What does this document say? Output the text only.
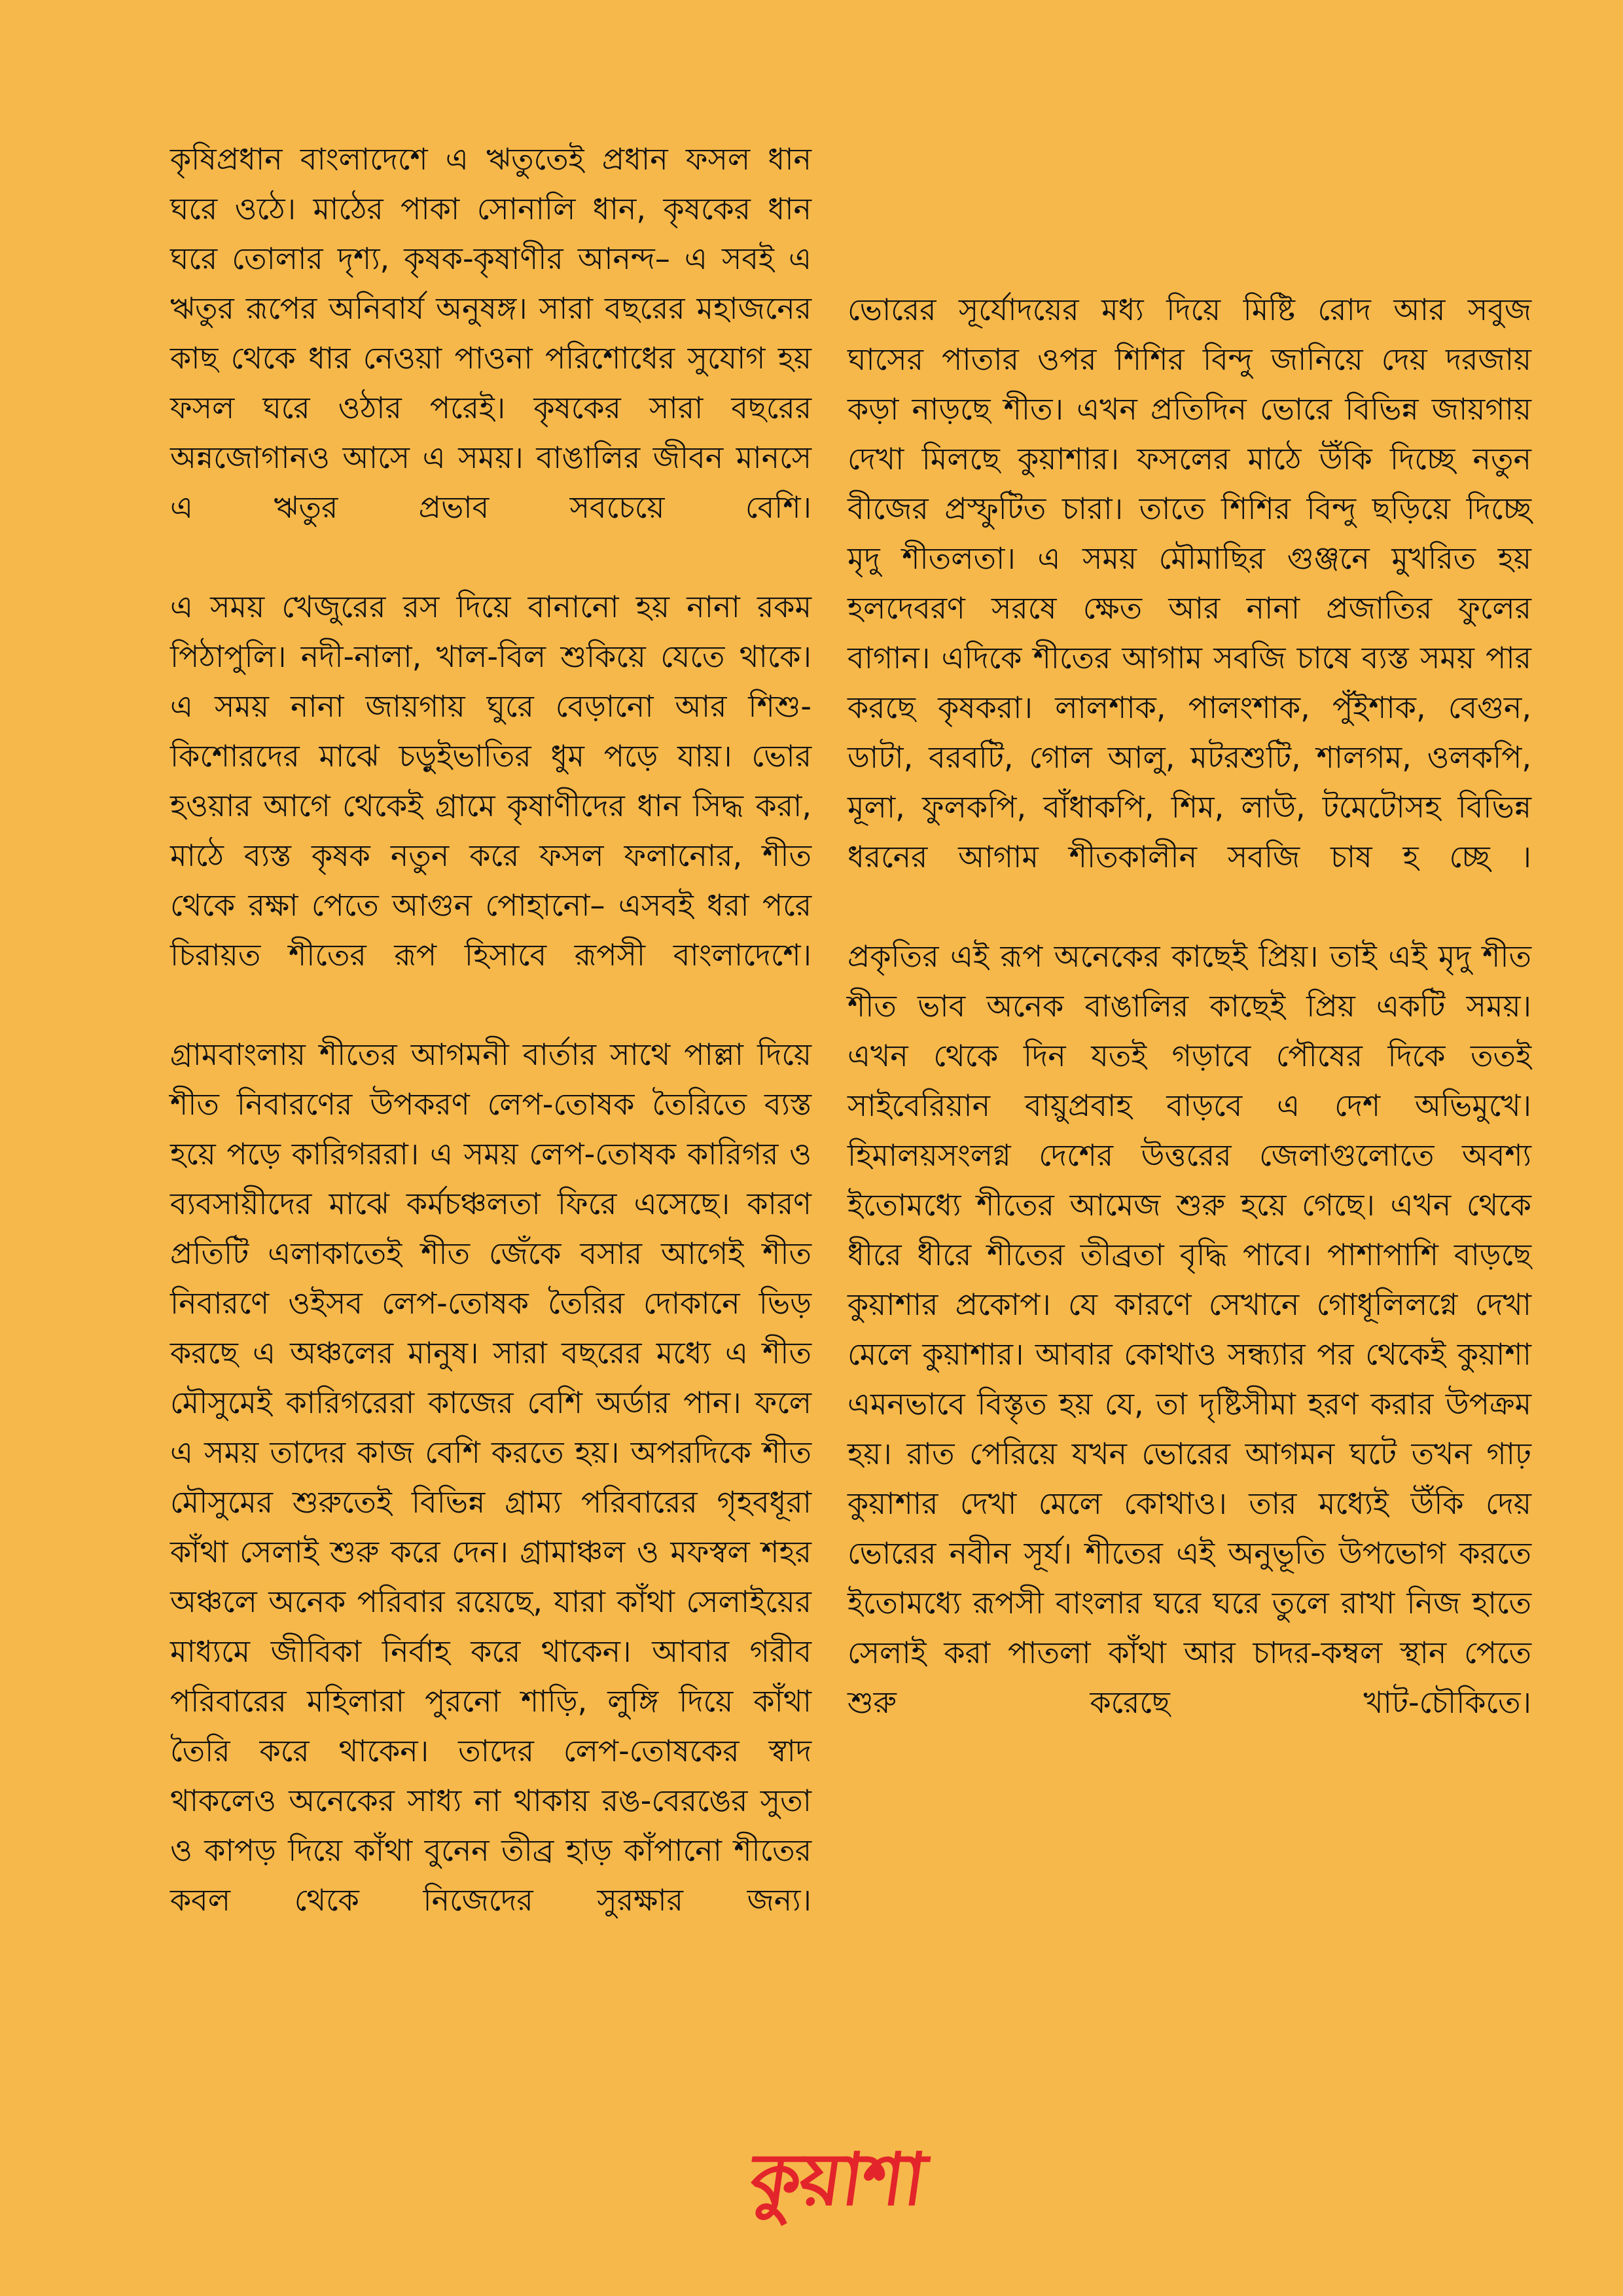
কৃষিপ্রধান বাংলাদেশে এ ঋতুতেই প্রধান ফসল ধান ঘরে ওঠে। মাঠের পাকা সোনালি ধান, কৃষকের ধান ঘরে তোলার দৃশ্য, কৃষক-কৃষাণীর আনন্দ– এ সবই এ ঋতুর রূপের অনিবার্য অনুষঙ্গ। সারা বছরের মহাজনের কাছ থেকে ধার নেওয়া পাওনা পরিশোধের সুযোগ হয় ফসল ঘরে ওঠার পরেই। কৃষকের সারা বছরের অন্নজোগানও আসে এ সময়। বাঙালির জীবন মানসে এ ঋতুর প্রভাব সবচেয়ে বেশি।

এ সময় খেজুরের রস দিয়ে বানানো হয় নানা রকম পিঠাপুলি। নদী-নালা, খাল-বিল শুকিয়ে যেতে থাকে। এ সময় নানা জায়গায় ঘুরে বেড়ানো আর শিশু-কিশোরদের মাঝে চড়ুইভাতির ধুম পড়ে যায়। ভোর হওয়ার আগে থেকেই গ্রামে কৃষাণীদের ধান সিদ্ধ করা, মাঠে ব্যস্ত কৃষক নতুন করে ফসল ফলানোর, শীত থেকে রক্ষা পেতে আগুন পোহানো– এসবই ধরা পরে চিরায়ত শীতের রূপ হিসাবে রূপসী বাংলাদেশে।

গ্রামবাংলায় শীতের আগমনী বার্তার সাথে পাল্লা দিয়ে শীত নিবারণের উপকরণ লেপ-তোষক তৈরিতে ব্যস্ত হয়ে পড়ে কারিগররা। এ সময় লেপ-তোষক কারিগর ও ব্যবসায়ীদের মাঝে কর্মচঞ্চলতা ফিরে এসেছে। কারণ প্রতিটি এলাকাতেই শীত জেঁকে বসার আগেই শীত নিবারণে ওইসব লেপ-তোষক তৈরির দোকানে ভিড় করছে এ অঞ্চলের মানুষ। সারা বছরের মধ্যে এ শীত মৌসুমেই কারিগরেরা কাজের বেশি অর্ডার পান। ফলে এ সময় তাদের কাজ বেশি করতে হয়। অপরদিকে শীত মৌসুমের শুরুতেই বিভিন্ন গ্রাম্য পরিবারের গৃহবধূরা কাঁথা সেলাই শুরু করে দেন। গ্রামাঞ্চল ও মফস্বল শহর অঞ্চলে অনেক পরিবার রয়েছে, যারা কাঁথা সেলাইয়ের মাধ্যমে জীবিকা নির্বাহ করে থাকেন। আবার গরীব পরিবারের মহিলারা পুরনো শাড়ি, লুঙ্গি দিয়ে কাঁথা তৈরি করে থাকেন। তাদের লেপ-তোষকের স্বাদ থাকলেও অনেকের সাধ্য না থাকায় রঙ-বেরঙের সুতা ও কাপড় দিয়ে কাঁথা বুনেন তীব্র হাড় কাঁপানো শীতের কবল থেকে নিজেদের সুরক্ষার জন্য।

ভোরের সূর্যোদয়ের মধ্য দিয়ে মিষ্টি রোদ আর সবুজ ঘাসের পাতার ওপর শিশির বিন্দু জানিয়ে দেয় দরজায় কড়া নাড়ছে শীত। এখন প্রতিদিন ভোরে বিভিন্ন জায়গায় দেখা মিলছে কুয়াশার। ফসলের মাঠে উঁকি দিচ্ছে নতুন বীজের প্রস্ফুটিত চারা। তাতে শিশির বিন্দু ছড়িয়ে দিচ্ছে মৃদু শীতলতা। এ সময় মৌমাছির গুঞ্জনে মুখরিত হয় হলদেবরণ সরষে ক্ষেত আর নানা প্রজাতির ফুলের বাগান। এদিকে শীতের আগাম সবজি চাষে ব্যস্ত সময় পার করছে কৃষকরা। লালশাক, পালংশাক, পুঁইশাক, বেগুন, ডাটা, বরবটি, গোল আলু, মটরশুটি, শালগম, ওলকপি, মূলা, ফুলকপি, বাঁধাকপি, শিম, লাউ, টমেটোসহ বিভিন্ন ধরনের আগাম শীতকালীন সবজি চাষ হ চ্ছে ।

প্রকৃতির এই রূপ অনেকের কাছেই প্রিয়। তাই এই মৃদু শীত শীত ভাব অনেক বাঙালির কাছেই প্রিয় একটি সময়। এখন থেকে দিন যতই গড়াবে পৌষের দিকে ততই সাইবেরিয়ান বায়ুপ্রবাহ বাড়বে এ দেশ অভিমুখে। হিমালয়সংলগ্ন দেশের উত্তরের জেলাগুলোতে অবশ্য ইতোমধ্যে শীতের আমেজ শুরু হয়ে গেছে। এখন থেকে ধীরে ধীরে শীতের তীব্রতা বৃদ্ধি পাবে। পাশাপাশি বাড়ছে কুয়াশার প্রকোপ। যে কারণে সেখানে গোধূলিলগ্নে দেখা মেলে কুয়াশার। আবার কোথাও সন্ধ্যার পর থেকেই কুয়াশা এমনভাবে বিস্তৃত হয় যে, তা দৃষ্টিসীমা হরণ করার উপক্রম হয়। রাত পেরিয়ে যখন ভোরের আগমন ঘটে তখন গাঢ় কুয়াশার দেখা মেলে কোথাও। তার মধ্যেই উঁকি দেয় ভোরের নবীন সূর্য। শীতের এই অনুভূতি উপভোগ করতে ইতোমধ্যে রূপসী বাংলার ঘরে ঘরে তুলে রাখা নিজ হাতে সেলাই করা পাতলা কাঁথা আর চাদর-কম্বল স্থান পেতে শুরু করেছে খাট-চৌকিতে।

কুয়াশা
